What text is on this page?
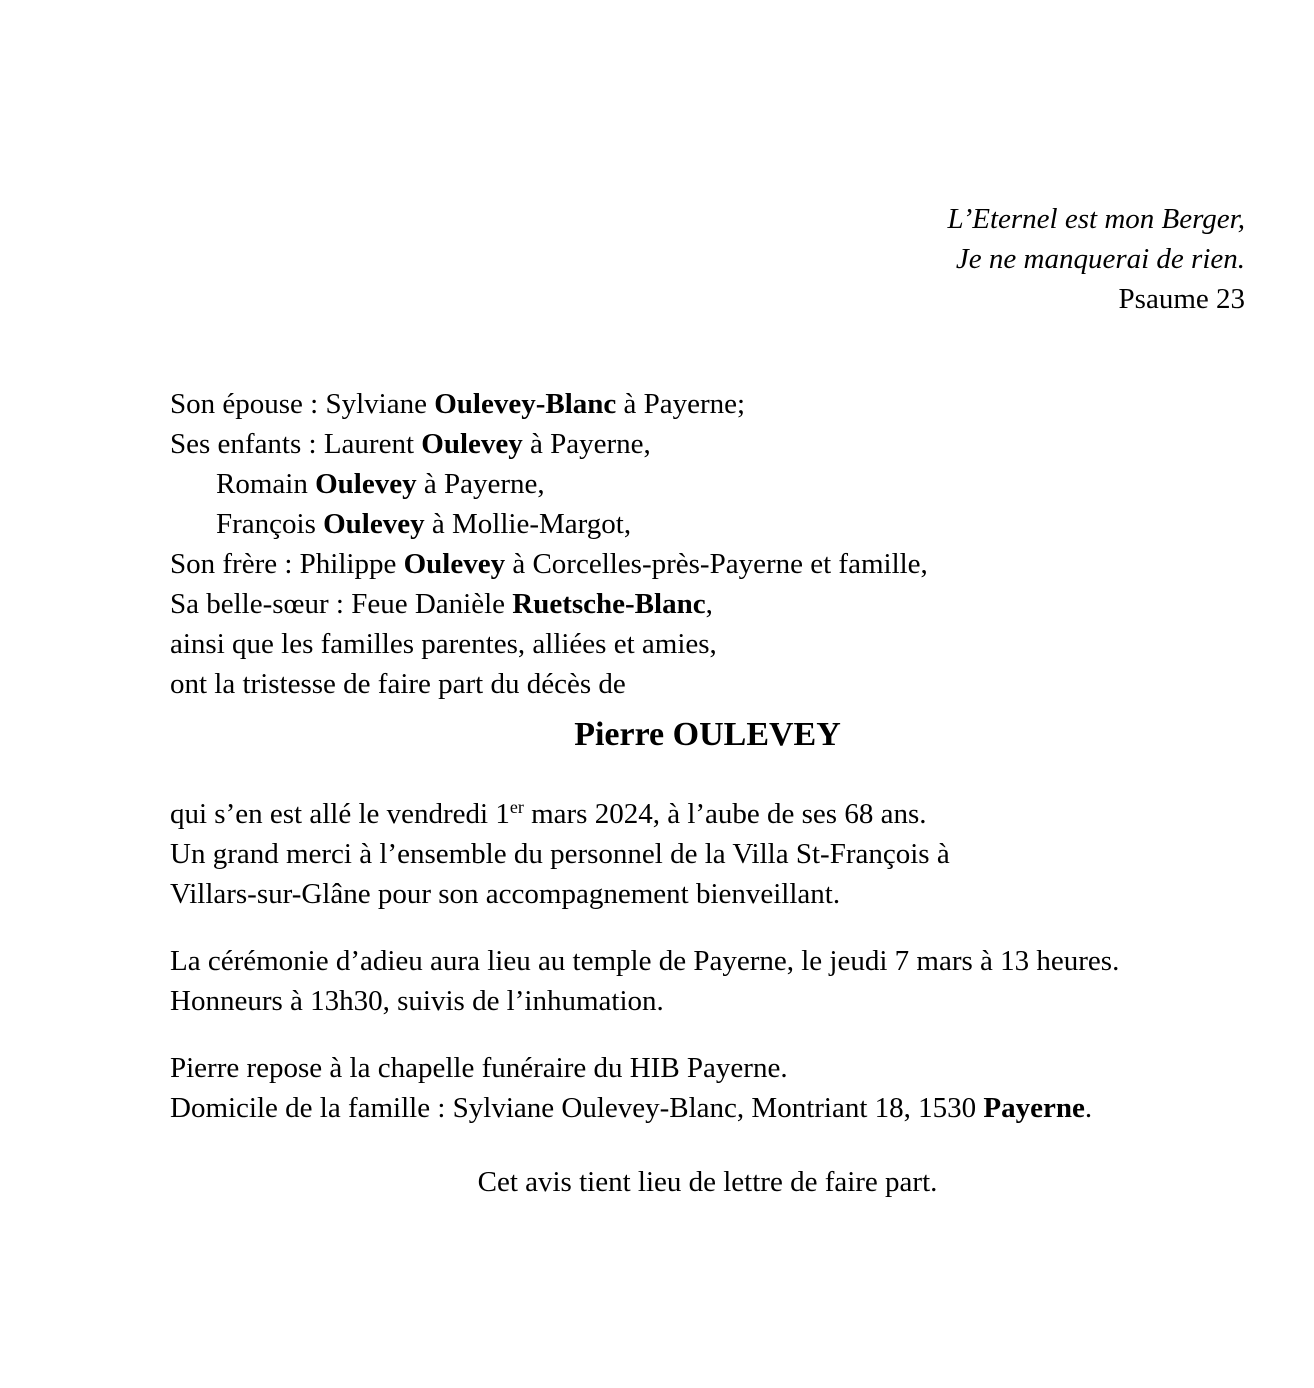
L’Eternel est mon Berger,
Je ne manquerai de rien.
Psaume 23
Son épouse : Sylviane Oulevey-Blanc à Payerne;
Ses enfants : Laurent Oulevey à Payerne,
Romain Oulevey à Payerne,
François Oulevey à Mollie-Margot,
Son frère : Philippe Oulevey à Corcelles-près-Payerne et famille,
Sa belle-sœur : Feue Danièle Ruetsche-Blanc,
ainsi que les familles parentes, alliées et amies,
ont la tristesse de faire part du décès de
Pierre OULEVEY
qui s’en est allé le vendredi 1er mars 2024, à l’aube de ses 68 ans.
Un grand merci à l’ensemble du personnel de la Villa St-François à
Villars-sur-Glâne pour son accompagnement bienveillant.
La cérémonie d’adieu aura lieu au temple de Payerne, le jeudi 7 mars à 13 heures.
Honneurs à 13h30, suivis de l’inhumation.
Pierre repose à la chapelle funéraire du HIB Payerne.
Domicile de la famille : Sylviane Oulevey-Blanc, Montriant 18, 1530 Payerne.
Cet avis tient lieu de lettre de faire part.
